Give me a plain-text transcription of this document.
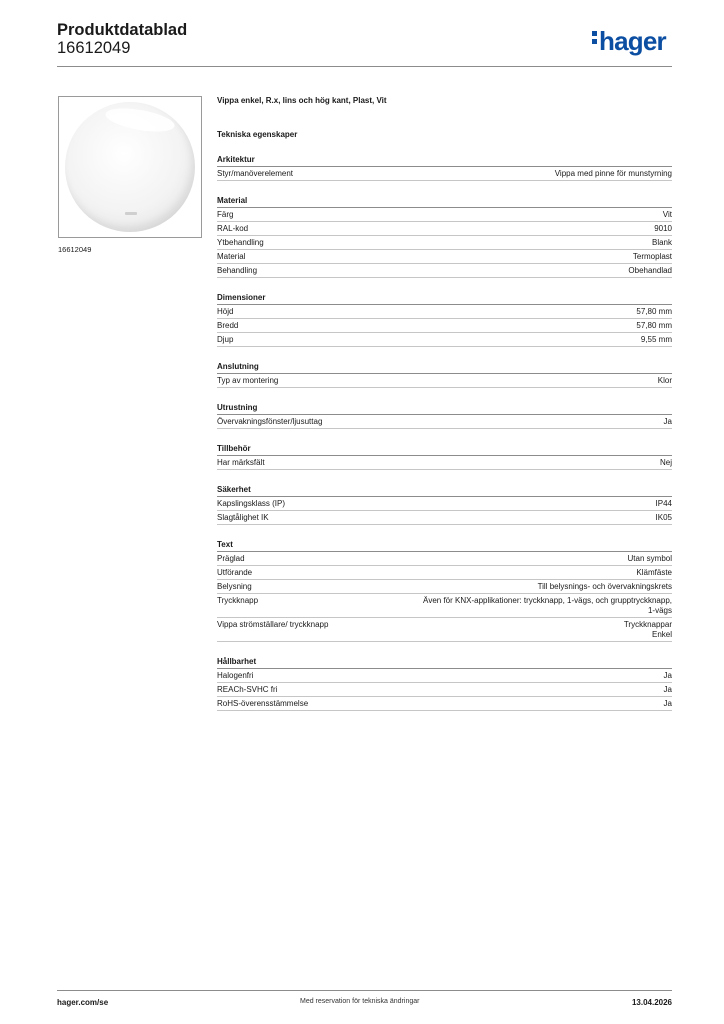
Produktdatablad
16612049	hager
16612049
Vippa enkel, R.x, lins och hög kant, Plast, Vit
Tekniska egenskaper
Arkitektur
Styr/manöverelement	Vippa med pinne för munstyrning
Material
Färg	Vit
RAL-kod	9010
Ytbehandling	Blank
Material	Termoplast
Behandling	Obehandlad
Dimensioner
Höjd	57,80 mm
Bredd	57,80 mm
Djup	9,55 mm
Anslutning
Typ av montering	Klor
Utrustning
Övervakningsfönster/ljusuttag	Ja
Tillbehör
Har märksfält	Nej
Säkerhet
Kapslingsklass (IP)	IP44
Slagtålighet IK	IK05
Text
Präglad	Utan symbol
Utförande	Klämfäste
Belysning	Till belysnings- och övervakningskrets
Tryckknapp	Även för KNX-applikationer: tryckknapp, 1-vägs, och grupptryckknapp,
1-vägs
Vippa strömställare/ tryckknapp	Tryckknappar
Enkel
Hållbarhet
Halogenfri	Ja
REACh-SVHC fri	Ja
RoHS-överensstämmelse	Ja
hager.com/se	Med reservation för tekniska ändringar	13.04.2026
